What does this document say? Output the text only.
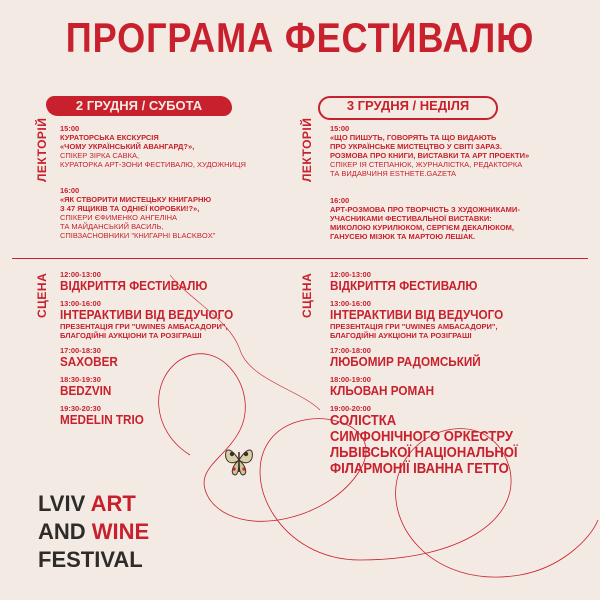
ПРОГРАМА ФЕСТИВАЛЮ
2 ГРУДНЯ / СУБОТА	3 ГРУДНЯ / НЕДІЛЯ
ЛЕКТОРІЙ 15:00
КУРАТОРСЬКА ЕКСКУРСІЯ
«ЧОМУ УКРАЇНСЬКИЙ АВАНГАРД?»,
СПІКЕР ЗІРКА САВКА,
КУРАТОРКА АРТ-ЗОНИ ФЕСТИВАЛЮ, ХУДОЖНИЦЯ
16:00
«ЯК СТВОРИТИ МИСТЕЦЬКУ КНИГАРНЮ
З 47 ЯЩИКІВ ТА ОДНІЄЇ КОРОБКИ!?»,
СПІКЕРИ ЄФИМЕНКО АНГЕЛІНА
ТА МАЙДАНСЬКИЙ ВАСИЛЬ,
СПІВЗАСНОВНИКИ "КНИГАРНІ BLACKBOX"
ЛЕКТОРІЙ 15:00
«ЩО ПИШУТЬ, ГОВОРЯТЬ ТА ЩО ВИДАЮТЬ
ПРО УКРАЇНСЬКЕ МИСТЕЦТВО У СВІТІ ЗАРАЗ.
РОЗМОВА ПРО КНИГИ, ВИСТАВКИ ТА АРТ ПРОЕКТИ»
СПІКЕР ІЯ СТЕПАНЮК, ЖУРНАЛІСТКА, РЕДАКТОРКА
ТА ВИДАВЧИНЯ ESTHETE.GAZETA
16:00
АРТ-РОЗМОВА ПРО ТВОРЧІСТЬ З ХУДОЖНИКАМИ-
УЧАСНИКАМИ ФЕСТИВАЛЬНОЇ ВИСТАВКИ:
МИКОЛОЮ КУРИЛЮКОМ, СЕРГІЄМ ДЕКАЛЮКОМ,
ГАНУСЕЮ МІЗЮК ТА МАРТОЮ ЛЕШАК.
СЦЕНА 12:00-13:00
ВІДКРИТТЯ ФЕСТИВАЛЮ
13:00-16:00
ІНТЕРАКТИВИ ВІД ВЕДУЧОГО
ПРЕЗЕНТАЦІЯ ГРИ "UWINES АМБАСАДОРИ",
БЛАГОДІЙНІ АУКЦІОНИ ТА РОЗІГРАШІ
17:00-18:30
SAXOBER
18:30-19:30
BEDZVIN
19:30-20:30
MEDELIN TRIO
СЦЕНА 12:00-13:00
ВІДКРИТТЯ ФЕСТИВАЛЮ
13:00-16:00
ІНТЕРАКТИВИ ВІД ВЕДУЧОГО
ПРЕЗЕНТАЦІЯ ГРИ "UWINES АМБАСАДОРИ",
БЛАГОДІЙНІ АУКЦІОНИ ТА РОЗІГРАШІ
17:00-18:00
ЛЮБОМИР РАДОМСЬКИЙ
18:00-19:00
КЛЬОВАН РОМАН
19:00-20:00
СОЛІСТКА
СИМФОНІЧНОГО ОРКЕСТРУ
ЛЬВІВСЬКОЇ НАЦІОНАЛЬНОЇ
ФІЛАРМОНІЇ ІВАННА ГЕТТО
LVIV ART
AND WINE
FESTIVAL
